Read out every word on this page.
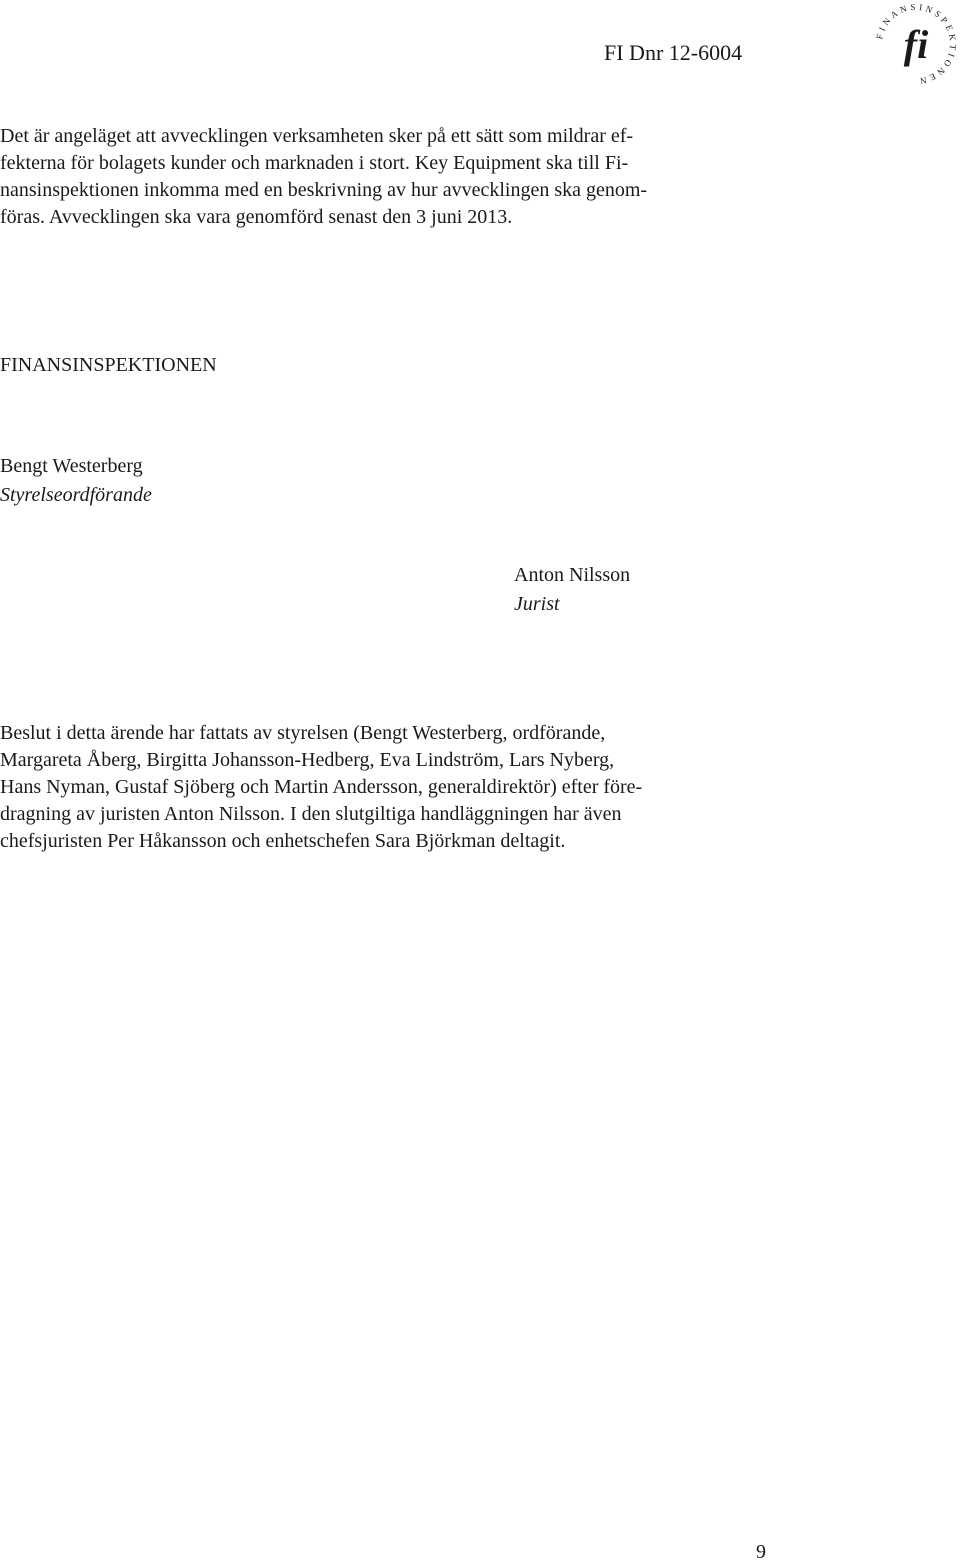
FI Dnr 12-6004
FINANSINSPEKTIONEN
fi

Det är angeläget att avvecklingen verksamheten sker på ett sätt som mildrar ef-
fekterna för bolagets kunder och marknaden i stort. Key Equipment ska till Fi-
nansinspektionen inkomma med en beskrivning av hur avvecklingen ska genom-
föras. Avvecklingen ska vara genomförd senast den 3 juni 2013.

FINANSINSPEKTIONEN
Bengt Westerberg
Styrelseordförande
Anton Nilsson
Jurist

Beslut i detta ärende har fattats av styrelsen (Bengt Westerberg, ordförande,
Margareta Åberg, Birgitta Johansson-Hedberg, Eva Lindström, Lars Nyberg,
Hans Nyman, Gustaf Sjöberg och Martin Andersson, generaldirektör) efter före-
dragning av juristen Anton Nilsson. I den slutgiltiga handläggningen har även
chefsjuristen Per Håkansson och enhetschefen Sara Björkman deltagit.

9
